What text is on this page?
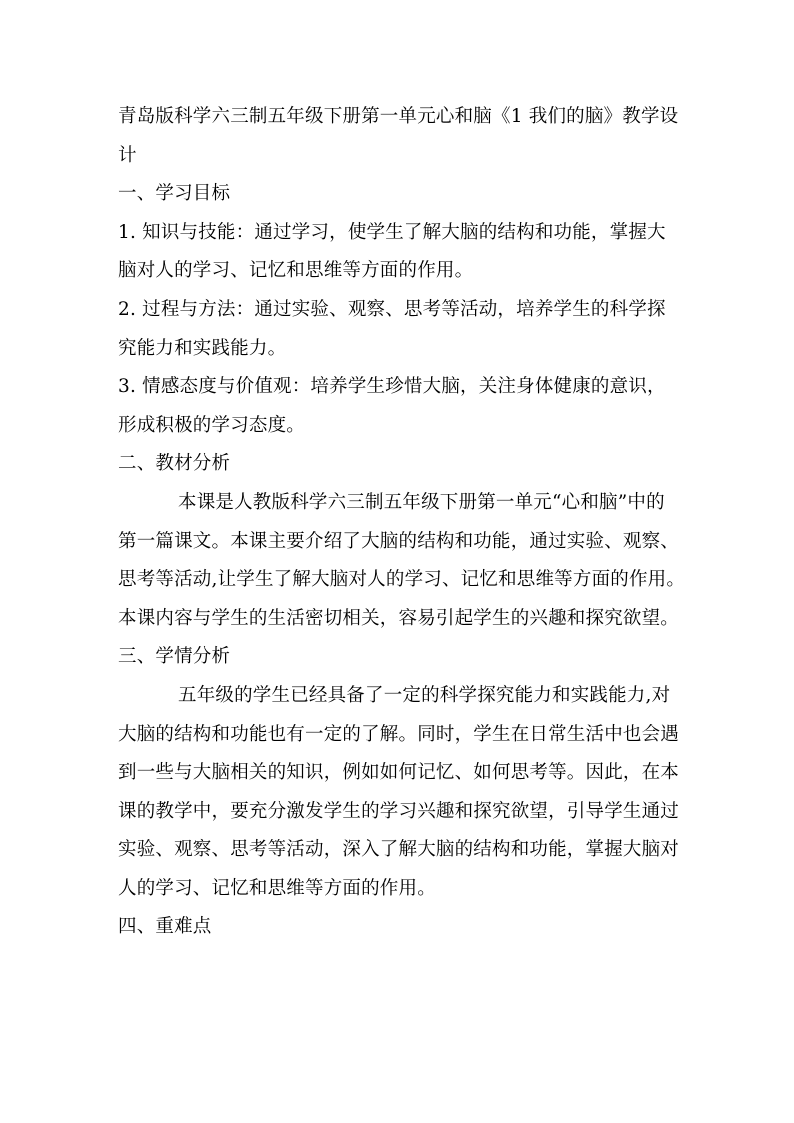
青岛版科学六三制五年级下册第一单元心和脑《1 我们的脑》教学设
计
一、学习目标
1. 知识与技能：通过学习，使学生了解大脑的结构和功能，掌握大
脑对人的学习、记忆和思维等方面的作用。
2. 过程与方法：通过实验、观察、思考等活动，培养学生的科学探
究能力和实践能力。
3. 情感态度与价值观：培养学生珍惜大脑，关注身体健康的意识，
形成积极的学习态度。
二、教材分析
本课是人教版科学六三制五年级下册第一单元“心和脑”中的
第一篇课文。本课主要介绍了大脑的结构和功能，通过实验、观察、
思考等活动,让学生了解大脑对人的学习、记忆和思维等方面的作用。
本课内容与学生的生活密切相关，容易引起学生的兴趣和探究欲望。
三、学情分析
五年级的学生已经具备了一定的科学探究能力和实践能力,对
大脑的结构和功能也有一定的了解。同时，学生在日常生活中也会遇
到一些与大脑相关的知识，例如如何记忆、如何思考等。因此，在本
课的教学中，要充分激发学生的学习兴趣和探究欲望，引导学生通过
实验、观察、思考等活动，深入了解大脑的结构和功能，掌握大脑对
人的学习、记忆和思维等方面的作用。
四、重难点
